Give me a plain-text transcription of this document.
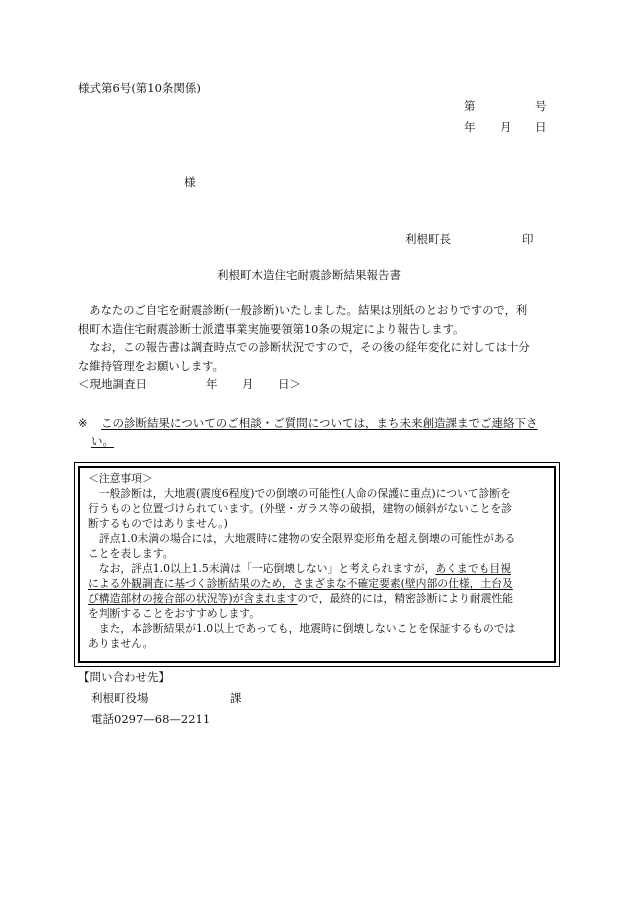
様式第6号(第10条関係)
第	号
年 月 日
様
利根町長	印
利根町木造住宅耐震診断結果報告書

あなたのご自宅を耐震診断(一般診断)いたしました。結果は別紙のとおりですので，利

根町木造住宅耐震診断士派遣事業実施要領第10条の規定により報告します。

なお，この報告書は調査時点での診断状況ですので，その後の経年変化に対しては十分

な維持管理をお願いします。

＜現地調査日	年 月 日＞
※ この診断結果についてのご相談・ご質問については，まち未来創造課までご連絡下さ
い。

＜注意事項＞

一般診断は，大地震(震度6程度)での倒壊の可能性(人命の保護に重点)について診断を

行うものと位置づけられています。(外壁・ガラス等の破損，建物の傾斜がないことを診

断するものではありません。)

評点1.0未満の場合には，大地震時に建物の安全限界変形角を超え倒壊の可能性がある

ことを表します。

なお，評点1.0以上1.5未満は「一応倒壊しない」と考えられますが，あくまでも目視

による外観調査に基づく診断結果のため，さまざまな不確定要素(壁内部の仕様，土台及

び構造部材の接合部の状況等)が含まれますので，最終的には，精密診断により耐震性能

を判断することをおすすめします。

また，本診断結果が1.0以上であっても，地震時に倒壊しないことを保証するものでは

ありません。

【問い合わせ先】
利根町役場	課
電話0297—68—2211
